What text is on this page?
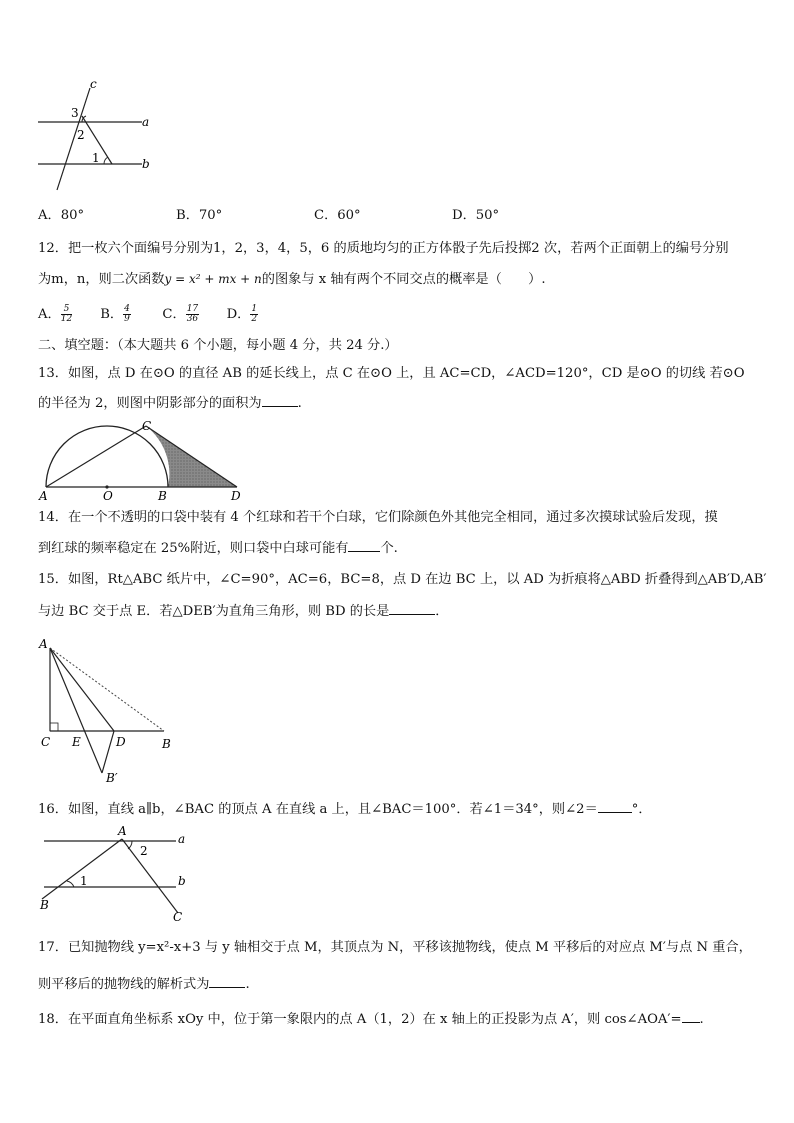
c
a
b
3
2
1
A．80°	B．70°	C．60°	D．50°
12．把一枚六个面编号分别为1，2，3，4，5，6 的质地均匀的正方体骰子先后投掷2 次，若两个正面朝上的编号分别
为m，n，则二次函数y = x² + mx + n的图象与 x 轴有两个不同交点的概率是（　　）.
A． $\frac{5}{12}$ B． $\frac{4}{9}$ C． $\frac{17}{36}$ D． $\frac{1}{2}$
二、填空题：（本大题共 6 个小题，每小题 4 分，共 24 分.）
13．如图，点 D 在⊙O 的直径 AB 的延长线上，点 C 在⊙O 上，且 AC=CD，∠ACD=120°，CD 是⊙O 的切线 若⊙O
的半径为 2，则图中阴影部分的面积为	.
C
A	O	B	D
14．在一个不透明的口袋中装有 4 个红球和若干个白球，它们除颜色外其他完全相同，通过多次摸球试验后发现，摸
到红球的频率稳定在 25%附近，则口袋中白球可能有 个.
15．如图，Rt△ABC 纸片中，∠C=90°，AC=6，BC=8，点 D 在边 BC 上，以 AD 为折痕将△ABD 折叠得到△AB′D,AB′
与边 BC 交于点 E．若△DEB′为直角三角形，则 BD 的长是	．
A
C E	D	B
B′
16．如图，直线 a∥b，∠BAC 的顶点 A 在直线 a 上，且∠BAC＝100°．若∠1＝34°，则∠2＝	°．
A
a
b
B
C
1
2
17．已知抛物线 y=x²-x+3 与 y 轴相交于点 M，其顶点为 N，平移该抛物线，使点 M 平移后的对应点 M′与点 N 重合，
则平移后的抛物线的解析式为	.
18．在平面直角坐标系 xOy 中，位于第一象限内的点 A（1，2）在 x 轴上的正投影为点 A′，则 cos∠AOA′= .
